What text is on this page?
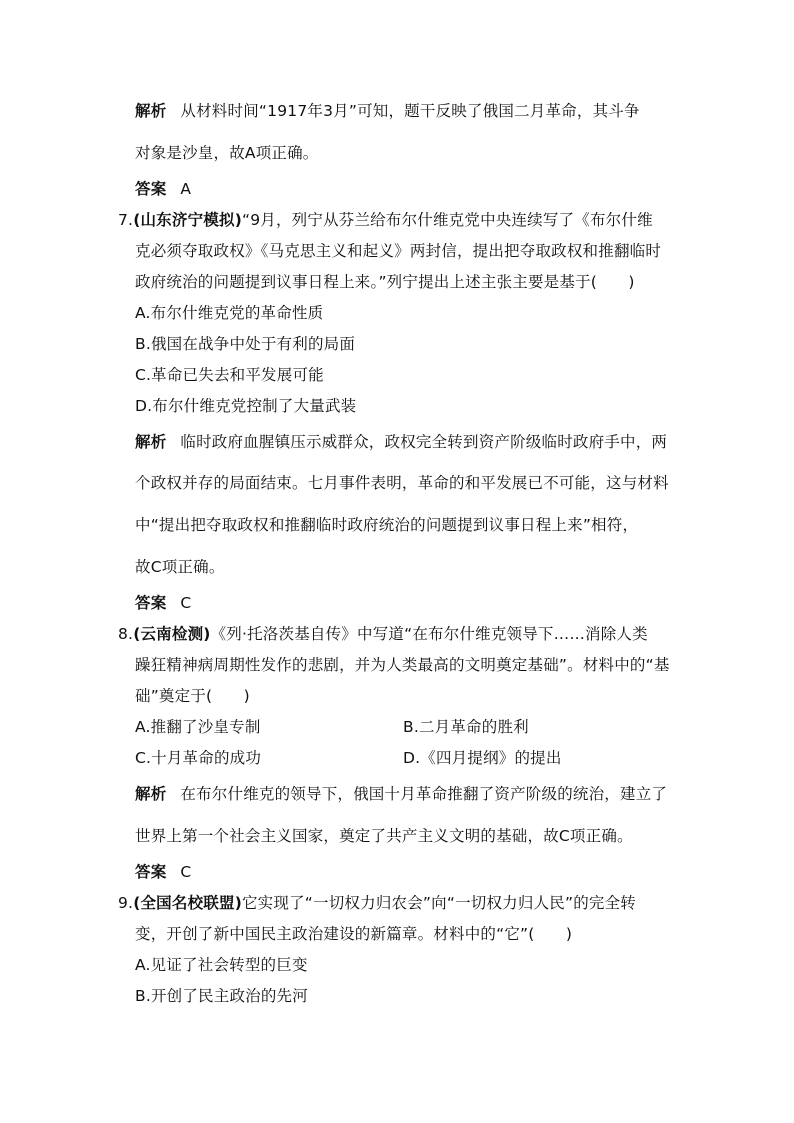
解析 从材料时间“1917年3月”可知，题干反映了俄国二月革命，其斗争
对象是沙皇，故A项正确。
答案 A
7.(山东济宁模拟)“9月，列宁从芬兰给布尔什维克党中央连续写了《布尔什维
克必须夺取政权》《马克思主义和起义》两封信，提出把夺取政权和推翻临时
政府统治的问题提到议事日程上来。”列宁提出上述主张主要是基于(　　)
A.布尔什维克党的革命性质
B.俄国在战争中处于有利的局面
C.革命已失去和平发展可能
D.布尔什维克党控制了大量武装
解析 临时政府血腥镇压示威群众，政权完全转到资产阶级临时政府手中，两
个政权并存的局面结束。七月事件表明，革命的和平发展已不可能，这与材料
中“提出把夺取政权和推翻临时政府统治的问题提到议事日程上来”相符，
故C项正确。
答案 C
8.(云南检测)《列·托洛茨基自传》中写道“在布尔什维克领导下……消除人类
躁狂精神病周期性发作的悲剧，并为人类最高的文明奠定基础”。材料中的“基
础”奠定于(　　)
A.推翻了沙皇专制	B.二月革命的胜利
C.十月革命的成功	D.《四月提纲》的提出
解析 在布尔什维克的领导下，俄国十月革命推翻了资产阶级的统治，建立了
世界上第一个社会主义国家，奠定了共产主义文明的基础，故C项正确。
答案 C
9.(全国名校联盟)它实现了“一切权力归农会”向“一切权力归人民”的完全转
变，开创了新中国民主政治建设的新篇章。材料中的“它”(　　)
A.见证了社会转型的巨变
B.开创了民主政治的先河
